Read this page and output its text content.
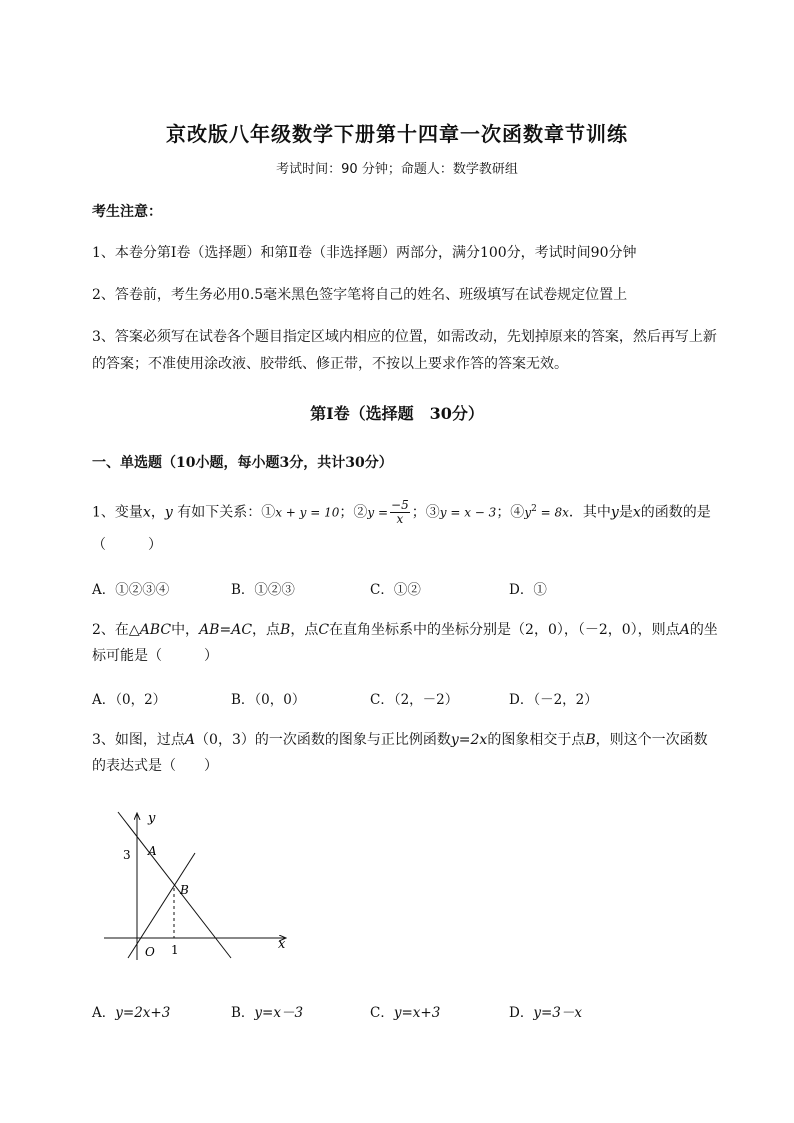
京改版八年级数学下册第十四章一次函数章节训练
考试时间：90 分钟；命题人：数学教研组
考生注意：
1、本卷分第Ⅰ卷（选择题）和第Ⅱ卷（非选择题）两部分，满分100分，考试时间90分钟
2、答卷前，考生务必用0.5毫米黑色签字笔将自己的姓名、班级填写在试卷规定位置上
3、答案必须写在试卷各个题目指定区域内相应的位置，如需改动，先划掉原来的答案，然后再写上新
的答案；不准使用涂改液、胶带纸、修正带，不按以上要求作答的答案无效。
第Ⅰ卷（选择题　30分）
一、单选题（10小题，每小题3分，共计30分）
1、变量x，y 有如下关系：①x + y = 10；②y = $\frac{-5}{x}$ ；③y = x − 3；$④y^2 = 8x$．其中y是x的函数的是
（　　　）
A．①②③④	B．①②③	C．①②	D．①
2、在△ABC中，AB=AC，点B，点C在直角坐标系中的坐标分别是（2，0），（－2，0），则点A的坐
标可能是（　　　）
A．（0，2）	B．（0，0）	C．（2，－2）	D．（－2，2）
3、如图，过点A（0，3）的一次函数的图象与正比例函数y=2x的图象相交于点B，则这个一次函数
的表达式是（　　）
x
y
O
3
1
A
B
A．y=2x+3	B．y=x－3	C．y=x+3	D．y=3－x
